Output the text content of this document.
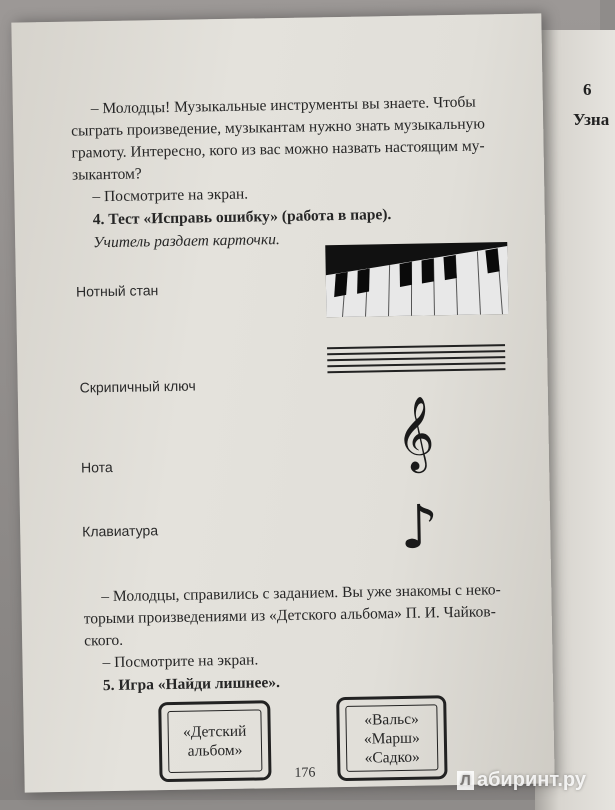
6
Узна
– Молодцы! Музыкальные инструменты вы знаете. Чтобы
сыграть произведение, музыкантам нужно знать музыкальную
грамоту. Интересно, кого из вас можно назвать настоящим му-
зыкантом?
– Посмотрите на экран.
4. Тест «Исправь ошибку» (работа в паре).
Учитель раздает карточки.
Нотный стан
Скрипичный ключ
Нота
Клавиатура
𝄞
♪
– Молодцы, справились с заданием. Вы уже знакомы с неко-
торыми произведениями из «Детского альбома» П. И. Чайков-
ского.
– Посмотрите на экран.
5. Игра «Найди лишнее».
«Детский
альбом»
«Вальс»
«Марш»
«Садко»
176	Л абиринт.ру
